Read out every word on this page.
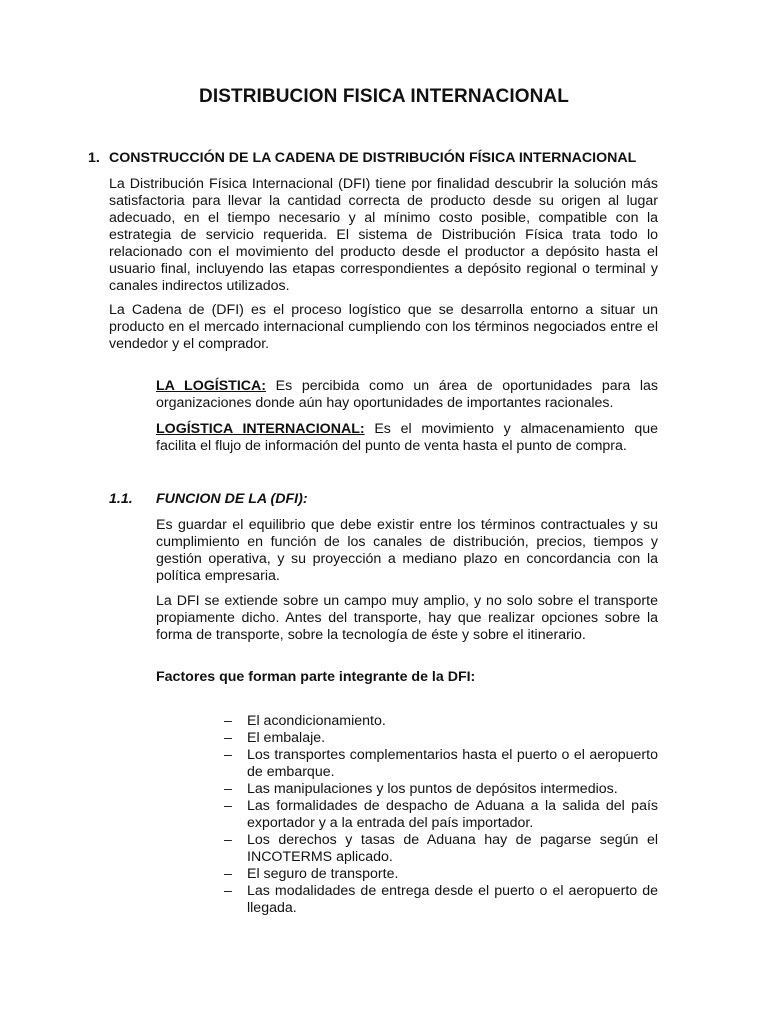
DISTRIBUCION FISICA INTERNACIONAL
1. CONSTRUCCIÓN DE LA CADENA DE DISTRIBUCIÓN FÍSICA INTERNACIONAL
La Distribución Física Internacional (DFI) tiene por finalidad descubrir la solución más satisfactoria para llevar la cantidad correcta de producto desde su origen al lugar adecuado, en el tiempo necesario y al mínimo costo posible, compatible con la estrategia de servicio requerida. El sistema de Distribución Física trata todo lo relacionado con el movimiento del producto desde el productor a depósito hasta el usuario final, incluyendo las etapas correspondientes a depósito regional o terminal y canales indirectos utilizados.
La Cadena de (DFI) es el proceso logístico que se desarrolla entorno a situar un producto en el mercado internacional cumpliendo con los términos negociados entre el vendedor y el comprador.
LA LOGÍSTICA: Es percibida como un área de oportunidades para las organizaciones donde aún hay oportunidades de importantes racionales.
LOGÍSTICA INTERNACIONAL: Es el movimiento y almacenamiento que facilita el flujo de información del punto de venta hasta el punto de compra.
1.1. FUNCION DE LA (DFI):
Es guardar el equilibrio que debe existir entre los términos contractuales y su cumplimiento en función de los canales de distribución, precios, tiempos y gestión operativa, y su proyección a mediano plazo en concordancia con la política empresaria.
La DFI se extiende sobre un campo muy amplio, y no solo sobre el transporte propiamente dicho. Antes del transporte, hay que realizar opciones sobre la forma de transporte, sobre la tecnología de éste y sobre el itinerario.
Factores que forman parte integrante de la DFI:
– El acondicionamiento.
– El embalaje.
– Los transportes complementarios hasta el puerto o el aeropuerto de embarque.
– Las manipulaciones y los puntos de depósitos intermedios.
– Las formalidades de despacho de Aduana a la salida del país exportador y a la entrada del país importador.
– Los derechos y tasas de Aduana hay de pagarse según el INCOTERMS aplicado.
– El seguro de transporte.
– Las modalidades de entrega desde el puerto o el aeropuerto de llegada.
